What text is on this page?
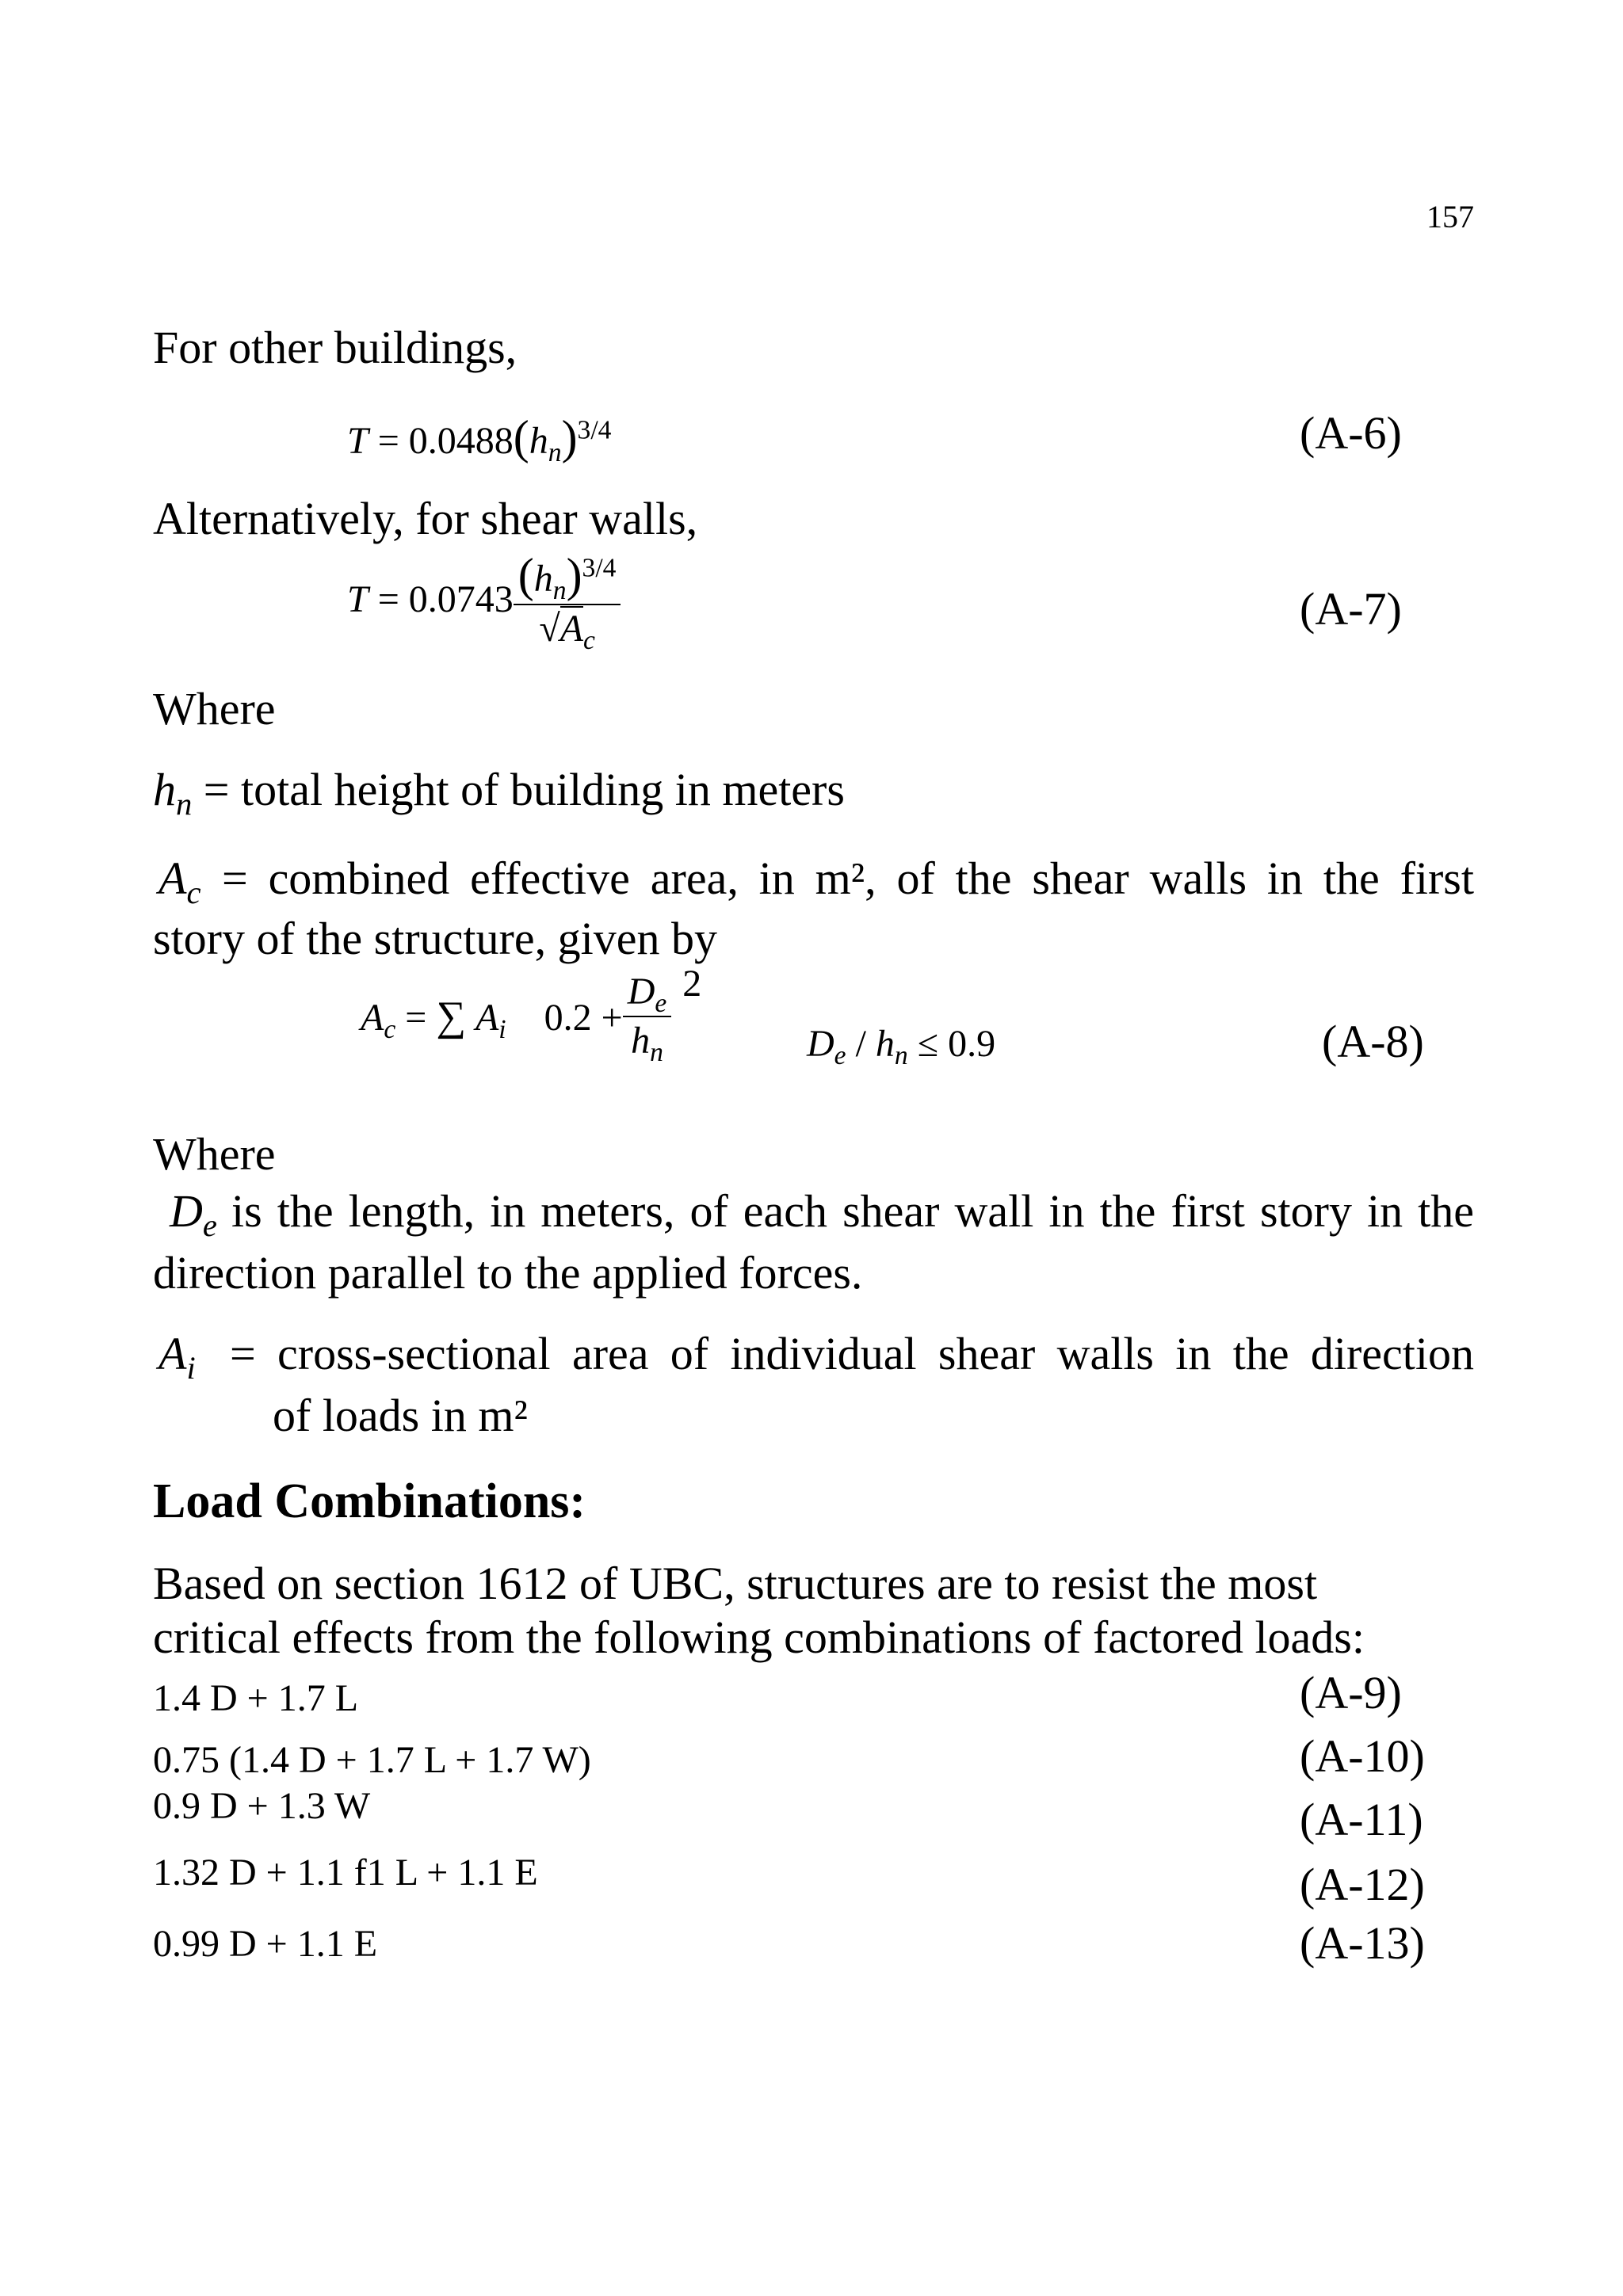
157
For other buildings,
$T = 0.0488(h_n)^{3/4}$	(A-6)
Alternatively, for shear walls,
$T = 0.0743 \frac{(h_n)^{3/4}}{√A_c}$	(A-7)
Where
$h_n$ = total height of building in meters
$A_c$ = combined effective area, in m², of the shear walls in the first
story of the structure, given by
$A_c$ = ∑ $A_i$ $0.2 + \frac{D_e}{h_n} 2$
$D_e / h_n \le 0.9$	(A-8)
Where
$D_e$ is the length, in meters, of each shear wall in the first story in the
direction parallel to the applied forces.
$A_i$ = cross-sectional area of individual shear walls in the direction
of loads in m²
Load Combinations:
Based on section 1612 of UBC, structures are to resist the most
critical effects from the following combinations of factored loads:
1.4 D + 1.7 L	(A-9)
0.75 (1.4 D + 1.7 L + 1.7 W)	(A-10)
0.9 D + 1.3 W	(A-11)
1.32 D + 1.1 f1 L + 1.1 E	(A-12)
0.99 D + 1.1 E	(A-13)
